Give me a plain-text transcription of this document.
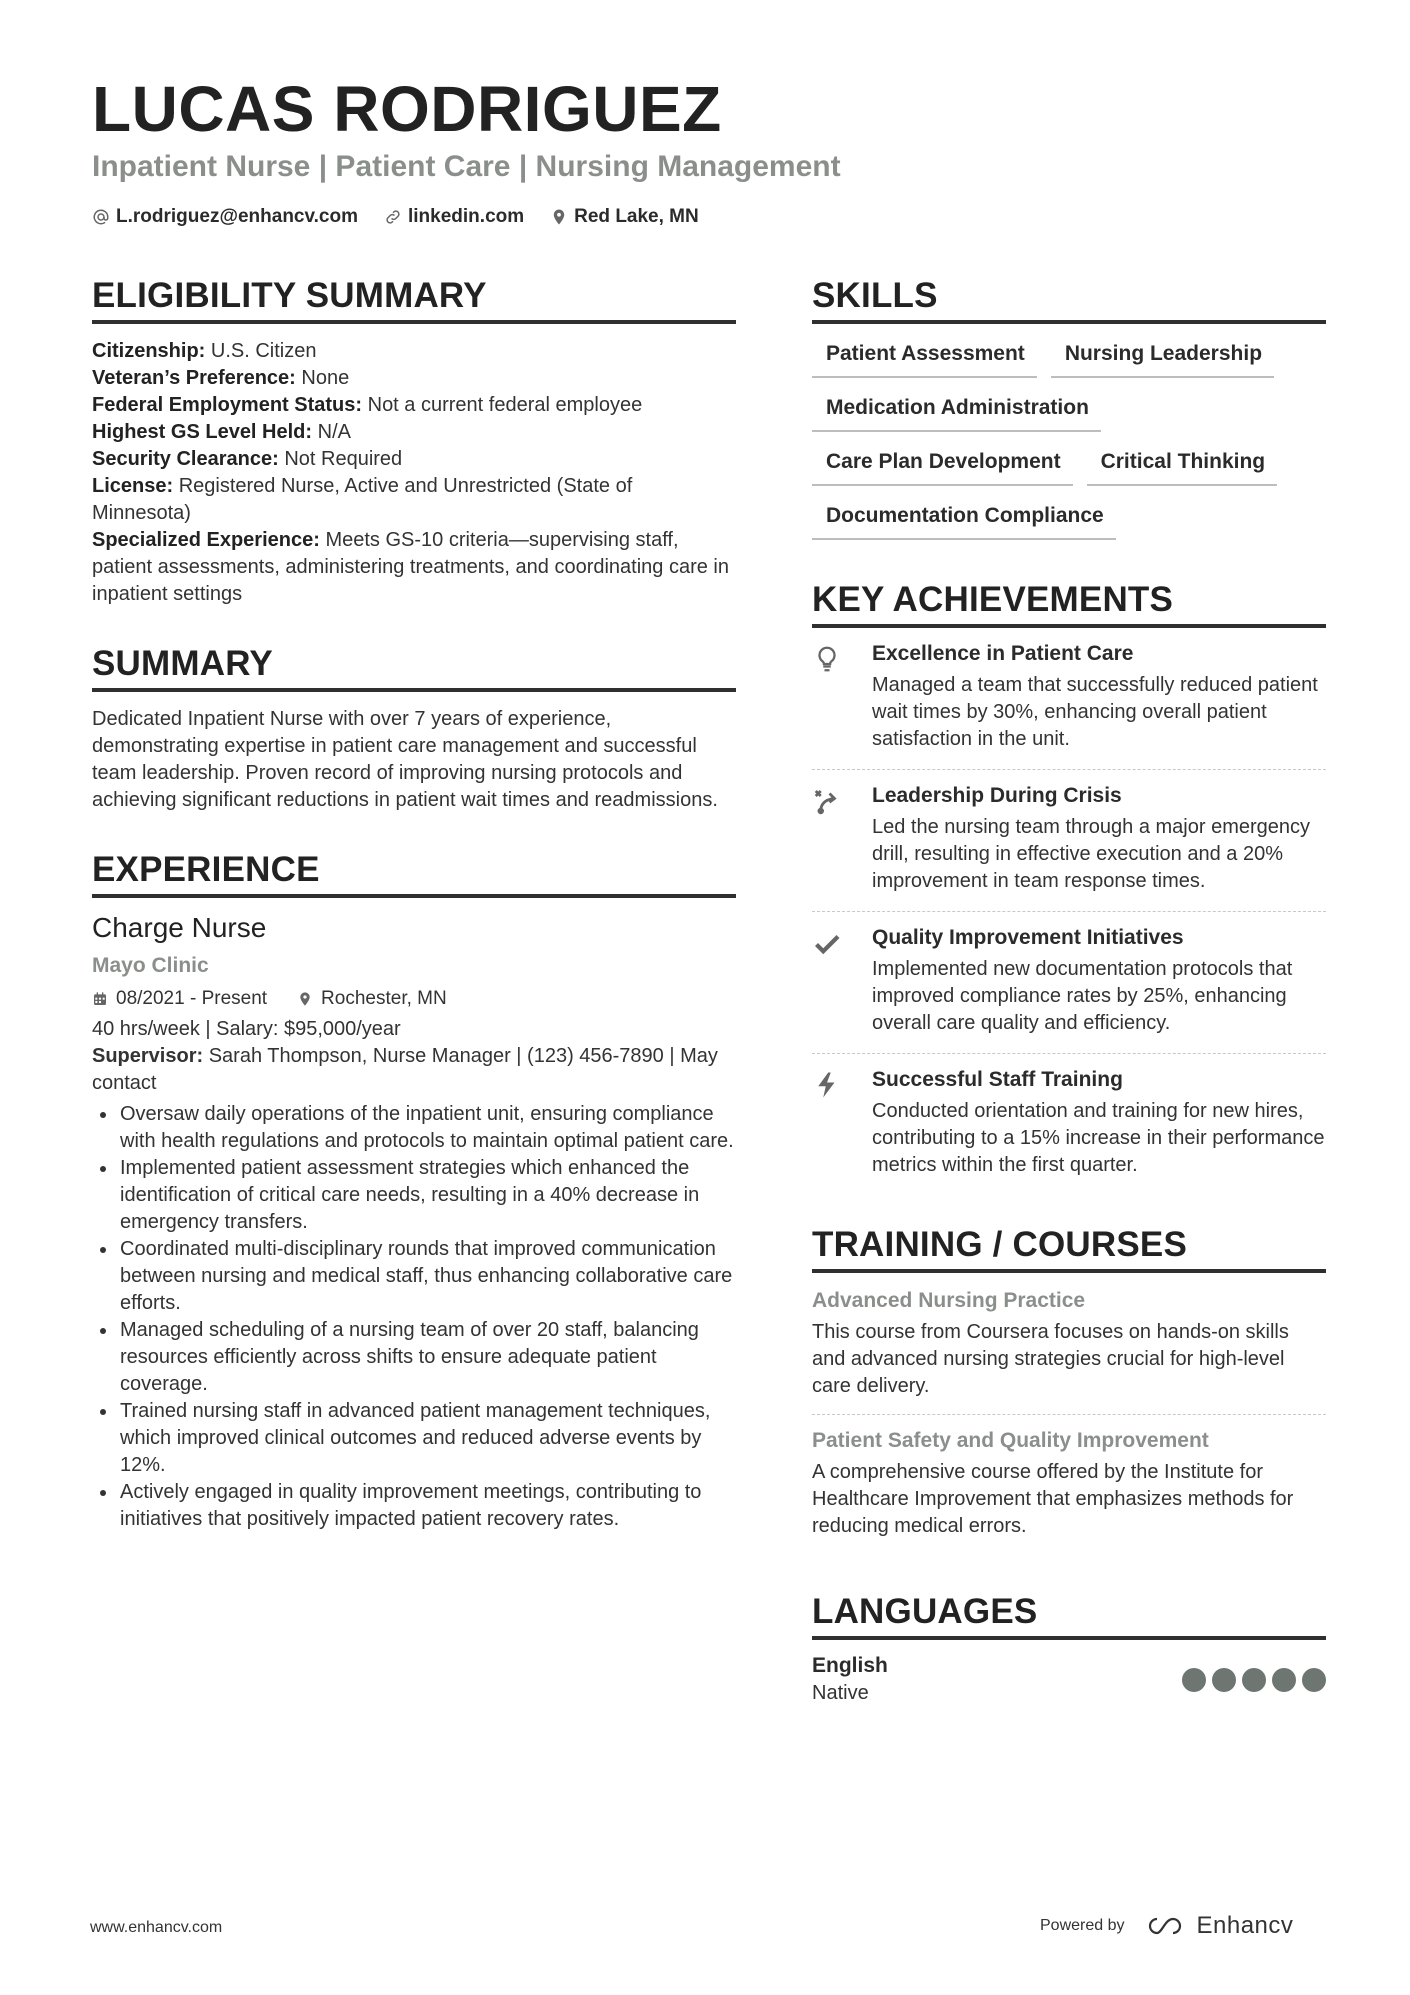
LUCAS RODRIGUEZ
Inpatient Nurse | Patient Care | Nursing Management
L.rodriguez@enhancv.com	linkedin.com	Red Lake, MN
ELIGIBILITY SUMMARY
Citizenship: U.S. Citizen
Veteran’s Preference: None
Federal Employment Status: Not a current federal employee
Highest GS Level Held: N/A
Security Clearance: Not Required
License: Registered Nurse, Active and Unrestricted (State of Minnesota)
Specialized Experience: Meets GS-10 criteria—supervising staff, patient assessments, administering treatments, and coordinating care in inpatient settings
SUMMARY
Dedicated Inpatient Nurse with over 7 years of experience, demonstrating expertise in patient care management and successful team leadership. Proven record of improving nursing protocols and achieving significant reductions in patient wait times and readmissions.
EXPERIENCE
Charge Nurse
Mayo Clinic
08/2021 - Present	Rochester, MN
40 hrs/week | Salary: $95,000/year
Supervisor: Sarah Thompson, Nurse Manager | (123) 456-7890 | May contact
Oversaw daily operations of the inpatient unit, ensuring compliance with health regulations and protocols to maintain optimal patient care.
Implemented patient assessment strategies which enhanced the identification of critical care needs, resulting in a 40% decrease in emergency transfers.
Coordinated multi-disciplinary rounds that improved communication between nursing and medical staff, thus enhancing collaborative care efforts.
Managed scheduling of a nursing team of over 20 staff, balancing resources efficiently across shifts to ensure adequate patient coverage.
Trained nursing staff in advanced patient management techniques, which improved clinical outcomes and reduced adverse events by 12%.
Actively engaged in quality improvement meetings, contributing to initiatives that positively impacted patient recovery rates.
SKILLS
Patient Assessment	Nursing Leadership
Medication Administration
Care Plan Development	Critical Thinking
Documentation Compliance
KEY ACHIEVEMENTS
Excellence in Patient Care
Managed a team that successfully reduced patient wait times by 30%, enhancing overall patient satisfaction in the unit.
Leadership During Crisis
Led the nursing team through a major emergency drill, resulting in effective execution and a 20% improvement in team response times.
Quality Improvement Initiatives
Implemented new documentation protocols that improved compliance rates by 25%, enhancing overall care quality and efficiency.
Successful Staff Training
Conducted orientation and training for new hires, contributing to a 15% increase in their performance metrics within the first quarter.
TRAINING / COURSES
Advanced Nursing Practice
This course from Coursera focuses on hands-on skills and advanced nursing strategies crucial for high-level care delivery.
Patient Safety and Quality Improvement
A comprehensive course offered by the Institute for Healthcare Improvement that emphasizes methods for reducing medical errors.
LANGUAGES
English
Native
www.enhancv.com	Powered by	Enhancv
